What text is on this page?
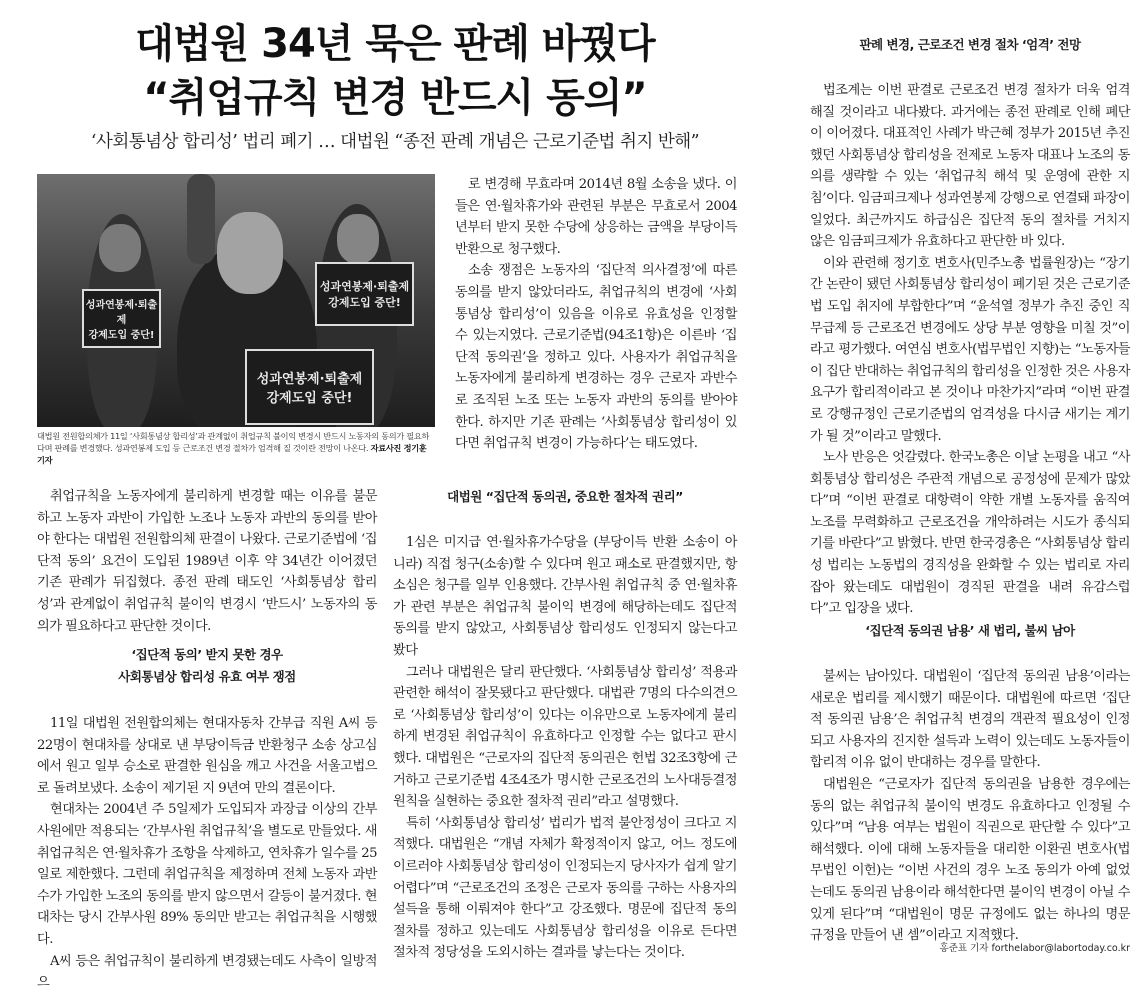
대법원 34년 묵은 판례 바꿨다
“취업규칙 변경 반드시 동의”
‘사회통념상 합리성’ 법리 폐기 … 대법원 “종전 판례 개념은 근로기준법 취지 반해”
성과연봉제·퇴출제
강제도입 중단!
성과연봉제·퇴출제
강제도입 중단!
성과연봉제·퇴출제
강제도입 중단!
대법원 전원합의체가 11일 ‘사회통념상 합리성’과 관계없이 취업규칙 불이익 변경시 반드시 노동자의 동의가 필요하다며 판례를 변경했다. 성과연봉제 도입 등 근로조건 변경 절차가 엄격해 질 것이란 전망이 나온다. 자료사진 정기훈 기자

취업규칙을 노동자에게 불리하게 변경할 때는 이유를 불문하고 노동자 과반이 가입한 노조나 노동자 과반의 동의를 받아야 한다는 대법원 전원합의체 판결이 나왔다. 근로기준법에 ‘집단적 동의’ 요건이 도입된 1989년 이후 약 34년간 이어졌던 기존 판례가 뒤집혔다. 종전 판례 태도인 ‘사회통념상 합리성’과 관계없이 취업규칙 불이익 변경시 ‘반드시’ 노동자의 동의가 필요하다고 판단한 것이다.

‘집단적 동의’ 받지 못한 경우
사회통념상 합리성 유효 여부 쟁점

11일 대법원 전원합의체는 현대자동차 간부급 직원 A씨 등 22명이 현대차를 상대로 낸 부당이득금 반환청구 소송 상고심에서 원고 일부 승소로 판결한 원심을 깨고 사건을 서울고법으로 돌려보냈다. 소송이 제기된 지 9년여 만의 결론이다.

현대차는 2004년 주 5일제가 도입되자 과장급 이상의 간부사원에만 적용되는 ‘간부사원 취업규칙’을 별도로 만들었다. 새 취업규칙은 연·월차휴가 조항을 삭제하고, 연차휴가 일수를 25일로 제한했다. 그런데 취업규칙을 제정하며 전체 노동자 과반수가 가입한 노조의 동의를 받지 않으면서 갈등이 불거졌다. 현대차는 당시 간부사원 89% 동의만 받고는 취업규칙을 시행했다.

A씨 등은 취업규칙이 불리하게 변경됐는데도 사측이 일방적으

로 변경해 무효라며 2014년 8월 소송을 냈다. 이들은 연·월차휴가와 관련된 부분은 무효로서 2004년부터 받지 못한 수당에 상응하는 금액을 부당이득 반환으로 청구했다.

소송 쟁점은 노동자의 ‘집단적 의사결정’에 따른 동의를 받지 않았더라도, 취업규칙의 변경에 ‘사회통념상 합리성’이 있음을 이유로 유효성을 인정할 수 있는지였다. 근로기준법(94조1항)은 이른바 ‘집단적 동의권’을 정하고 있다. 사용자가 취업규칙을 노동자에게 불리하게 변경하는 경우 근로자 과반수로 조직된 노조 또는 노동자 과반의 동의를 받아야 한다. 하지만 기존 판례는 ‘사회통념상 합리성이 있다면 취업규칙 변경이 가능하다’는 태도였다.

대법원 “집단적 동의권, 중요한 절차적 권리”

1심은 미지급 연·월차휴가수당을 (부당이득 반환 소송이 아니라) 직접 청구(소송)할 수 있다며 원고 패소로 판결했지만, 항소심은 청구를 일부 인용했다. 간부사원 취업규칙 중 연·월차휴가 관련 부분은 취업규칙 불이익 변경에 해당하는데도 집단적 동의를 받지 않았고, 사회통념상 합리성도 인정되지 않는다고 봤다

그러나 대법원은 달리 판단했다. ‘사회통념상 합리성’ 적용과 관련한 해석이 잘못됐다고 판단했다. 대법관 7명의 다수의견으로 ‘사회통념상 합리성’이 있다는 이유만으로 노동자에게 불리하게 변경된 취업규칙이 유효하다고 인정할 수는 없다고 판시했다. 대법원은 “근로자의 집단적 동의권은 헌법 32조3항에 근거하고 근로기준법 4조4조가 명시한 근로조건의 노사대등결정 원칙을 실현하는 중요한 절차적 권리”라고 설명했다.

특히 ‘사회통념상 합리성’ 법리가 법적 불안정성이 크다고 지적했다. 대법원은 “개념 자체가 확정적이지 않고, 어느 정도에 이르러야 사회통념상 합리성이 인정되는지 당사자가 쉽게 알기 어렵다”며 “근로조건의 조정은 근로자 동의를 구하는 사용자의 설득을 통해 이뤄져야 한다”고 강조했다. 명문에 집단적 동의 절차를 정하고 있는데도 사회통념상 합리성을 이유로 든다면 절차적 정당성을 도외시하는 결과를 낳는다는 것이다.

판례 변경, 근로조건 변경 절차 ‘엄격’ 전망

법조계는 이번 판결로 근로조건 변경 절차가 더욱 엄격해질 것이라고 내다봤다. 과거에는 종전 판례로 인해 폐단이 이어졌다. 대표적인 사례가 박근혜 정부가 2015년 추진했던 사회통념상 합리성을 전제로 노동자 대표나 노조의 동의를 생략할 수 있는 ‘취업규칙 해석 및 운영에 관한 지침’이다. 임금피크제나 성과연봉제 강행으로 연결돼 파장이 일었다. 최근까지도 하급심은 집단적 동의 절차를 거치지 않은 임금피크제가 유효하다고 판단한 바 있다.

이와 관련해 정기호 변호사(민주노총 법률원장)는 “장기간 논란이 됐던 사회통념상 합리성이 폐기된 것은 근로기준법 도입 취지에 부합한다”며 “윤석열 정부가 추진 중인 직무급제 등 근로조건 변경에도 상당 부분 영향을 미칠 것”이라고 평가했다. 여연심 변호사(법무법인 지향)는 “노동자들이 집단 반대하는 취업규칙의 합리성을 인정한 것은 사용자 요구가 합리적이라고 본 것이나 마찬가지”라며 “이번 판결로 강행규정인 근로기준법의 엄격성을 다시금 새기는 계기가 될 것”이라고 말했다.

노사 반응은 엇갈렸다. 한국노총은 이날 논평을 내고 “사회통념상 합리성은 주관적 개념으로 공정성에 문제가 많았다”며 “이번 판결로 대항력이 약한 개별 노동자를 움직여 노조를 무력화하고 근로조건을 개악하려는 시도가 종식되기를 바란다”고 밝혔다. 반면 한국경총은 “사회통념상 합리성 법리는 노동법의 경직성을 완화할 수 있는 법리로 자리 잡아 왔는데도 대법원이 경직된 판결을 내려 유감스럽다”고 입장을 냈다.

‘집단적 동의권 남용’ 새 법리, 불씨 남아

불씨는 남아있다. 대법원이 ‘집단적 동의권 남용’이라는 새로운 법리를 제시했기 때문이다. 대법원에 따르면 ‘집단적 동의권 남용’은 취업규칙 변경의 객관적 필요성이 인정되고 사용자의 진지한 설득과 노력이 있는데도 노동자들이 합리적 이유 없이 반대하는 경우를 말한다.

대법원은 “근로자가 집단적 동의권을 남용한 경우에는 동의 없는 취업규칙 불이익 변경도 유효하다고 인정될 수 있다”며 “남용 여부는 법원이 직권으로 판단할 수 있다”고 해석했다. 이에 대해 노동자들을 대리한 이환권 변호사(법무법인 이헌)는 “이번 사건의 경우 노조 동의가 아예 없었는데도 동의권 남용이라 해석한다면 불이익 변경이 아닐 수 있게 된다”며 “대법원이 명문 규정에도 없는 하나의 명문 규정을 만들어 낸 셈”이라고 지적했다.

홍준표 기자 forthelabor@labortoday.co.kr
